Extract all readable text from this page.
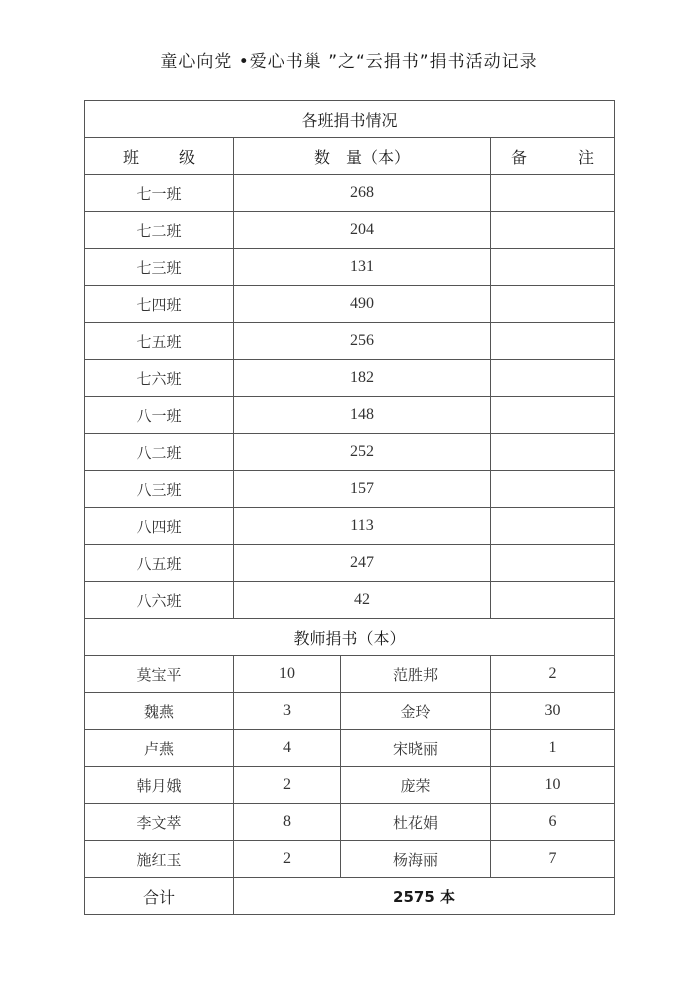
童心向党 •爱心书巢 ”之“云捐书”捐书活动记录
各班捐书情况			

班 级	数　量（本）		备 注

七一班	268		
七二班	204		
七三班	131		
七四班	490		
七五班	256		
七六班	182		
八一班	148		
八二班	252		
八三班	157		
八四班	113		
八五班	247		
八六班	42		
教师捐书（本）			
莫宝平	10	范胜邦	2
魏燕	3	金玲	30
卢燕	4	宋晓丽	1
韩月娥	2	庞荣	10
李文萃	8	杜花娟	6
施红玉	2	杨海丽	7
合计	2575 本		
